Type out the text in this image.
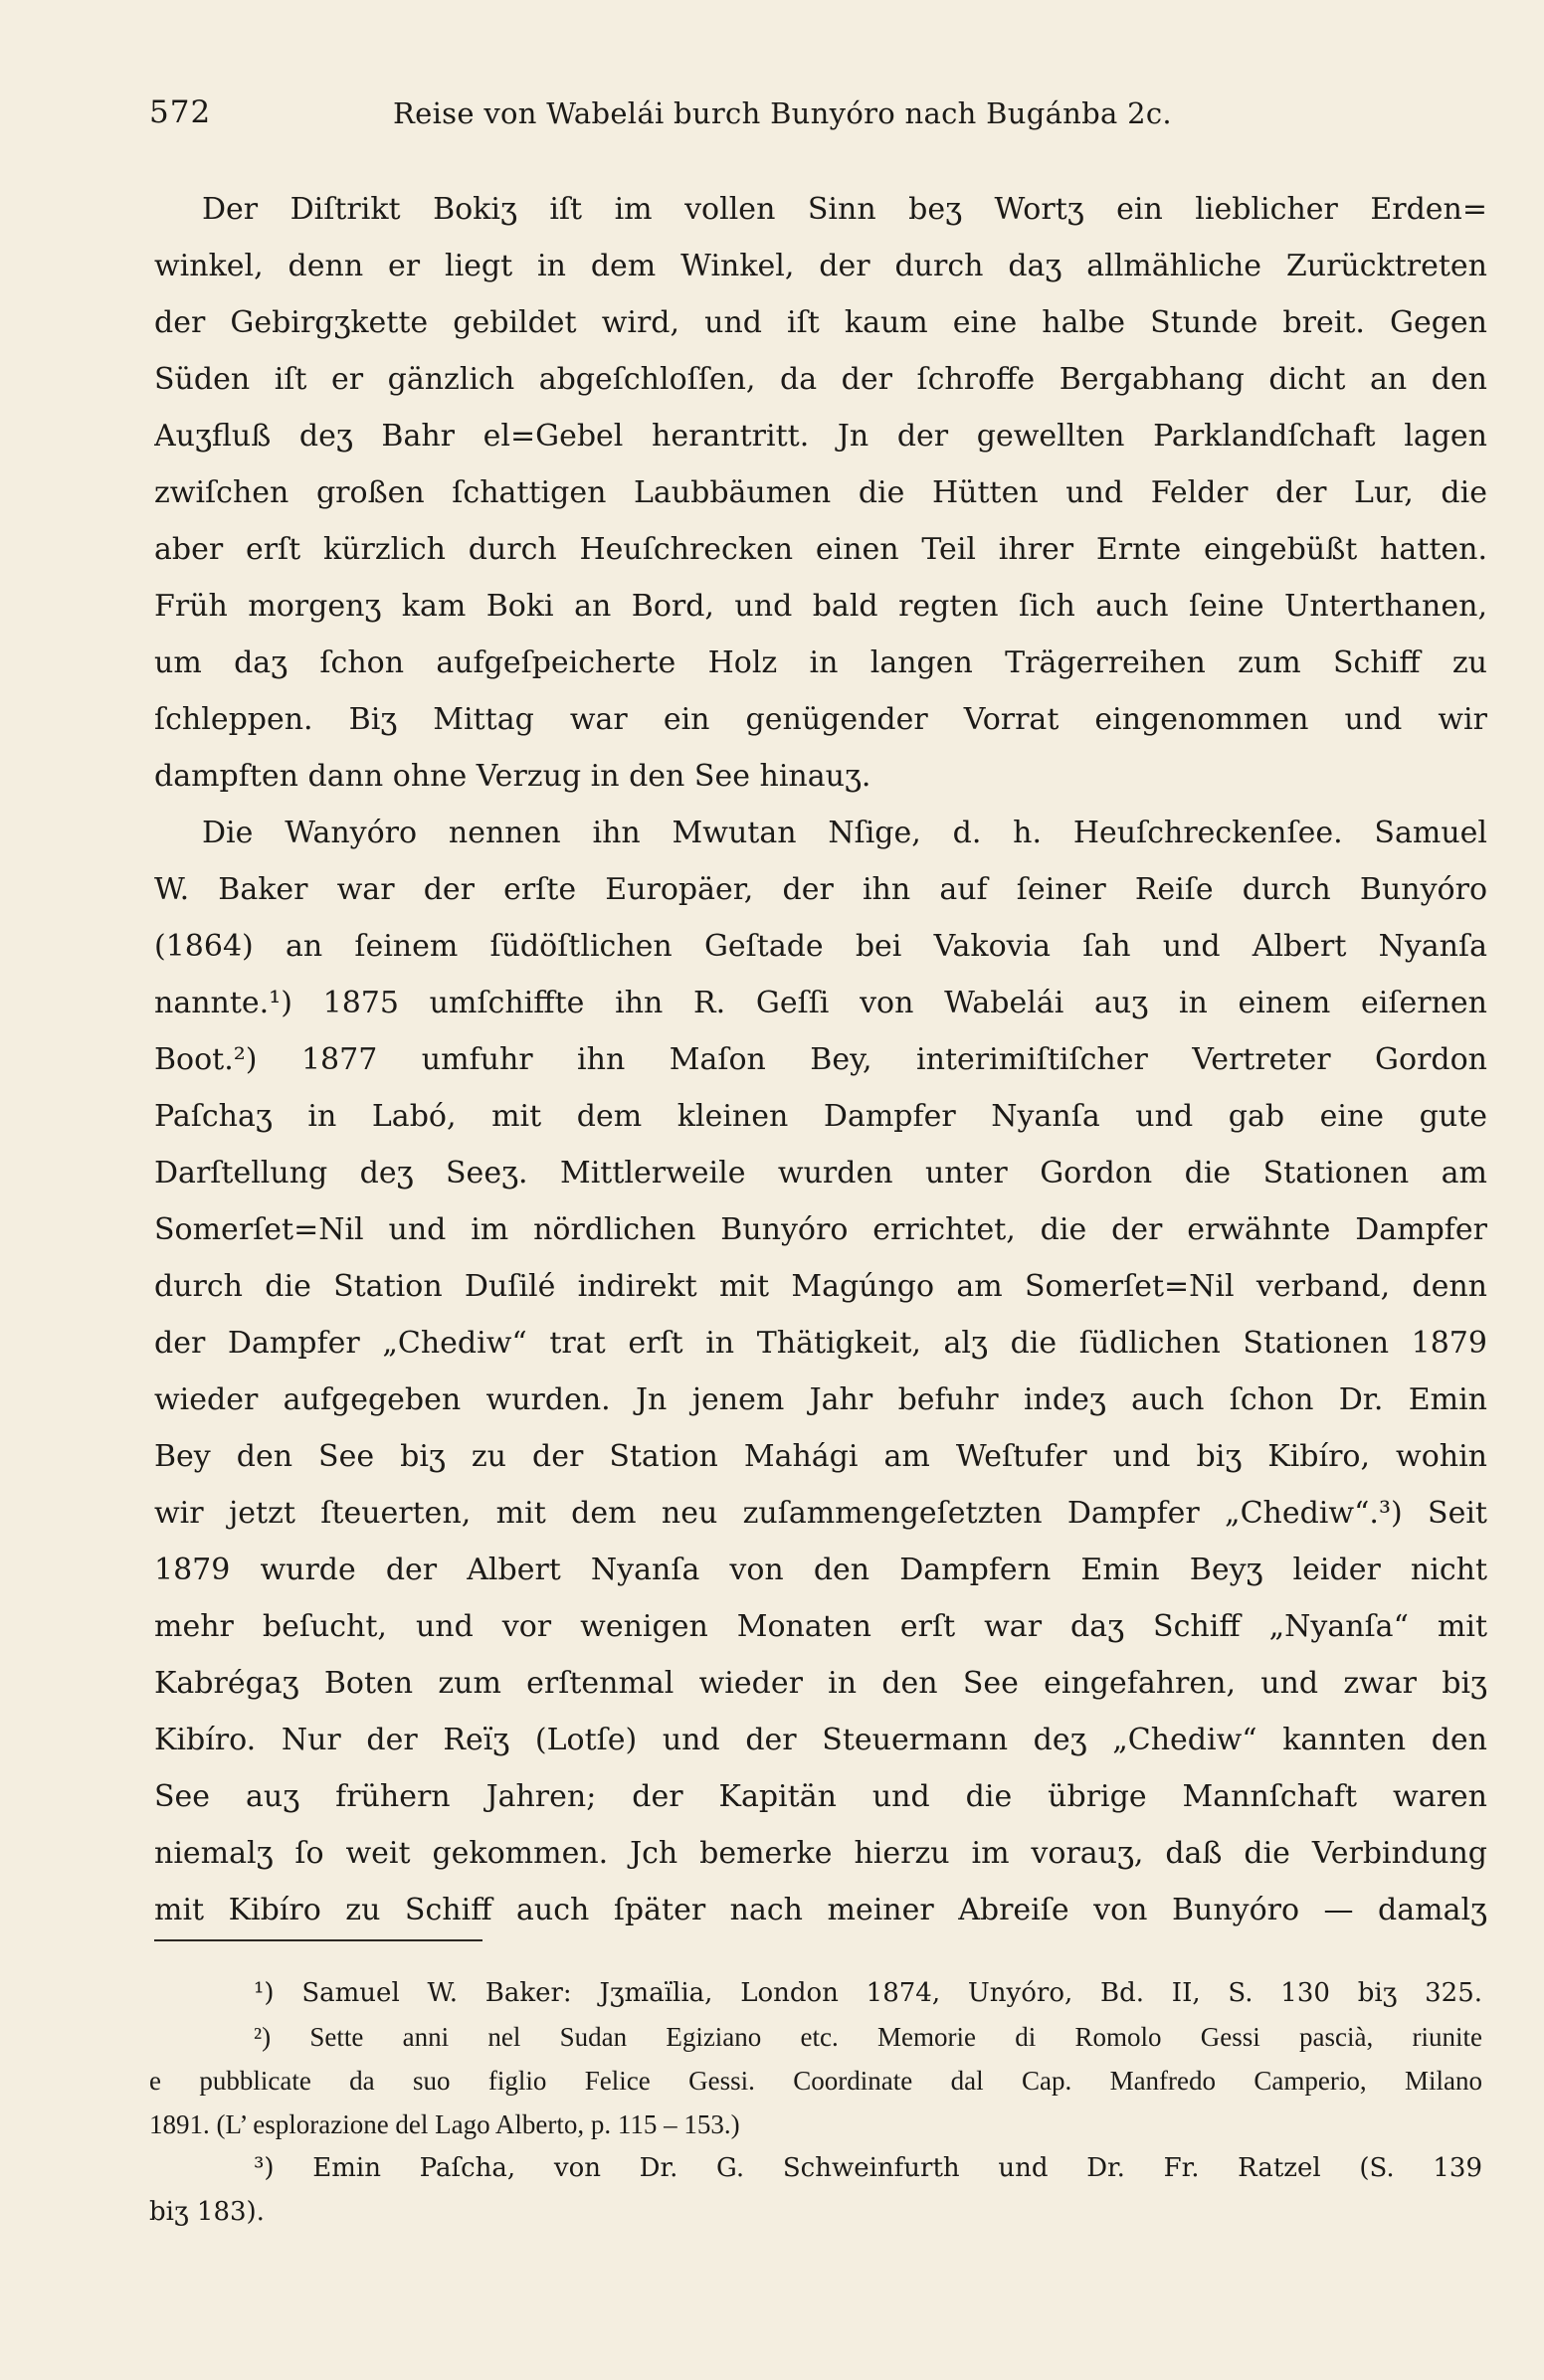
572	Reise von Wabelái burch Bunyóro nach Bugánba 2c.
Der Diſtrikt Bokiʒ iſt im vollen Sinn beʒ Wortʒ ein lieblicher Erden=
winkel, denn er liegt in dem Winkel, der durch daʒ allmähliche Zurücktreten
der Gebirgʒkette gebildet wird, und iſt kaum eine halbe Stunde breit. Gegen
Süden iſt er gänzlich abgeſchloſſen, da der ſchroffe Bergabhang dicht an den
Auʒfluß deʒ Bahr el=Gebel herantritt. Jn der gewellten Parklandſchaft lagen
zwiſchen großen ſchattigen Laubbäumen die Hütten und Felder der Lur, die
aber erſt kürzlich durch Heuſchrecken einen Teil ihrer Ernte eingebüßt hatten.
Früh morgenʒ kam Boki an Bord, und bald regten ſich auch ſeine Unterthanen,
um daʒ ſchon aufgeſpeicherte Holz in langen Trägerreihen zum Schiff zu
ſchleppen. Biʒ Mittag war ein genügender Vorrat eingenommen und wir
dampften dann ohne Verzug in den See hinauʒ.
Die Wanyóro nennen ihn Mwutan Nſige, d. h. Heuſchreckenſee. Samuel
W. Baker war der erſte Europäer, der ihn auf ſeiner Reiſe durch Bunyóro
(1864) an ſeinem ſüdöſtlichen Geſtade bei Vakovia ſah und Albert Nyanſa
nannte.¹) 1875 umſchiffte ihn R. Geſſi von Wabelái auʒ in einem eiſernen
Boot.²) 1877 umfuhr ihn Maſon Bey, interimiſtiſcher Vertreter Gordon
Paſchaʒ in Labó, mit dem kleinen Dampfer Nyanſa und gab eine gute
Darſtellung deʒ Seeʒ. Mittlerweile wurden unter Gordon die Stationen am
Somerſet=Nil und im nördlichen Bunyóro errichtet, die der erwähnte Dampfer
durch die Station Duſilé indirekt mit Magúngo am Somerſet=Nil verband, denn
der Dampfer „Chediw“ trat erſt in Thätigkeit, alʒ die ſüdlichen Stationen 1879
wieder aufgegeben wurden. Jn jenem Jahr befuhr indeʒ auch ſchon Dr. Emin
Bey den See biʒ zu der Station Mahági am Weſtufer und biʒ Kibíro, wohin
wir jetzt ſteuerten, mit dem neu zuſammengeſetzten Dampfer „Chediw“.³) Seit
1879 wurde der Albert Nyanſa von den Dampfern Emin Beyʒ leider nicht
mehr beſucht, und vor wenigen Monaten erſt war daʒ Schiff „Nyanſa“ mit
Kabrégaʒ Boten zum erſtenmal wieder in den See eingefahren, und zwar biʒ
Kibíro. Nur der Reïʒ (Lotſe) und der Steuermann deʒ „Chediw“ kannten den
See auʒ frühern Jahren; der Kapitän und die übrige Mannſchaft waren
niemalʒ ſo weit gekommen. Jch bemerke hierzu im vorauʒ, daß die Verbindung
mit Kibíro zu Schiff auch ſpäter nach meiner Abreiſe von Bunyóro — damalʒ
¹) Samuel W. Baker: Jʒmaïlia, London 1874, Unyóro, Bd. II, S. 130 biʒ 325.
²) Sette anni nel Sudan Egiziano etc. Memorie di Romolo Gessi pascià, riunite
e pubblicate da suo figlio Felice Gessi. Coordinate dal Cap. Manfredo Camperio, Milano
1891. (L’ esplorazione del Lago Alberto, p. 115 – 153.)
³) Emin Paſcha, von Dr. G. Schweinfurth und Dr. Fr. Ratzel (S. 139
biʒ 183).
